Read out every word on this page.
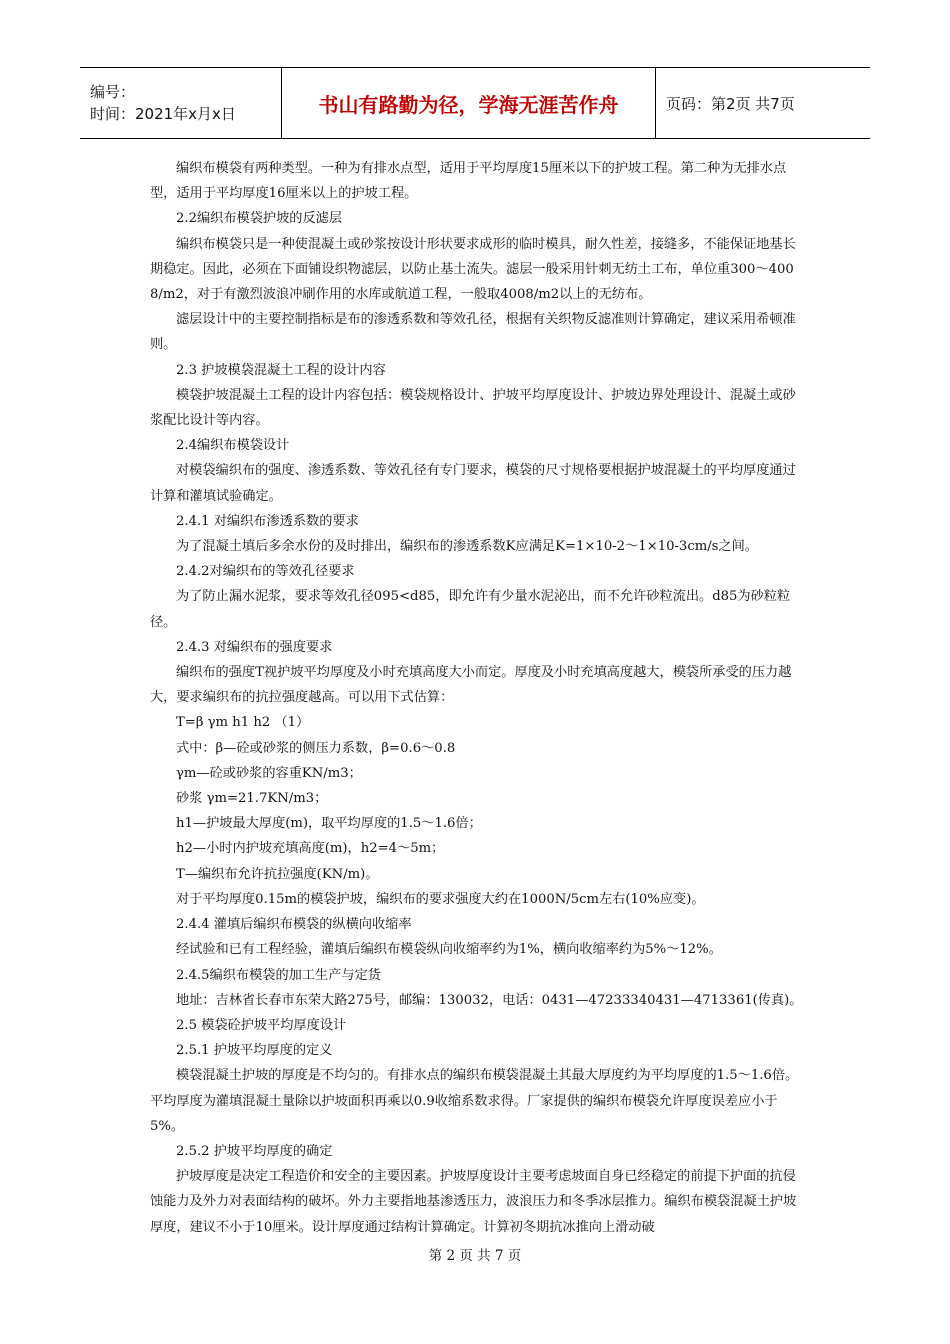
编号：
时间：2021年x月x日	书山有路勤为径，学海无涯苦作舟	页码：第2页 共7页

编织布模袋有两种类型。一种为有排水点型，适用于平均厚度15厘米以下的护坡工程。第二种为无排水点型，适用于平均厚度16厘米以上的护坡工程。

2.2编织布模袋护坡的反滤层

编织布模袋只是一种使混凝土或砂浆按设计形状要求成形的临时模具，耐久性差，接缝多，不能保证地基长期稳定。因此，必须在下面铺设织物滤层，以防止基土流失。滤层一般采用针刺无纺土工布，单位重300～4008/m2，对于有激烈波浪冲刷作用的水库或航道工程，一般取4008/m2以上的无纺布。

滤层设计中的主要控制指标是布的渗透系数和等效孔径，根据有关织物反滤准则计算确定，建议采用希顿准则。

2.3 护坡模袋混凝土工程的设计内容

模袋护坡混凝土工程的设计内容包括：模袋规格设计、护坡平均厚度设计、护坡边界处理设计、混凝土或砂浆配比设计等内容。

2.4编织布模袋设计

对模袋编织布的强度、渗透系数、等效孔径有专门要求，模袋的尺寸规格要根据护坡混凝土的平均厚度通过计算和灌填试验确定。

2.4.1 对编织布渗透系数的要求

为了混凝土填后多余水份的及时排出，编织布的渗透系数K应满足K=1×10-2～1×10-3cm/s之间。

2.4.2对编织布的等效孔径要求

为了防止漏水泥浆，要求等效孔径095<d85，即允许有少量水泥泌出，而不允许砂粒流出。d85为砂粒粒径。

2.4.3 对编织布的强度要求

编织布的强度T视护坡平均厚度及小时充填高度大小而定。厚度及小时充填高度越大，模袋所承受的压力越大，要求编织布的抗拉强度越高。可以用下式估算：

T=β γm h1 h2 （1）

式中：β—砼或砂浆的侧压力系数，β=0.6～0.8

γm—砼或砂浆的容重KN/m3；

砂浆 γm=21.7KN/m3；

h1—护坡最大厚度(m)，取平均厚度的1.5～1.6倍；

h2—小时内护坡充填高度(m)，h2=4～5m；

T—编织布允许抗拉强度(KN/m)。

对于平均厚度0.15m的模袋护坡，编织布的要求强度大约在1000N/5cm左右(10%应变)。

2.4.4 灌填后编织布模袋的纵横向收缩率

经试验和已有工程经验，灌填后编织布模袋纵向收缩率约为1%，横向收缩率约为5%～12%。

2.4.5编织布模袋的加工生产与定货

地址：吉林省长春市东荣大路275号，邮编：130032，电话：0431—47233340431—4713361(传真)。

2.5 模袋砼护坡平均厚度设计

2.5.1 护坡平均厚度的定义

模袋混凝土护坡的厚度是不均匀的。有排水点的编织布模袋混凝土其最大厚度约为平均厚度的1.5～1.6倍。平均厚度为灌填混凝土量除以护坡面积再乘以0.9收缩系数求得。厂家提供的编织布模袋允许厚度误差应小于5%。

2.5.2 护坡平均厚度的确定

护坡厚度是决定工程造价和安全的主要因素。护坡厚度设计主要考虑坡面自身已经稳定的前提下护面的抗侵蚀能力及外力对表面结构的破坏。外力主要指地基渗透压力，波浪压力和冬季冰层推力。编织布模袋混凝土护坡厚度，建议不小于10厘米。设计厚度通过结构计算确定。计算初冬期抗冰推向上滑动破

第 2 页 共 7 页
